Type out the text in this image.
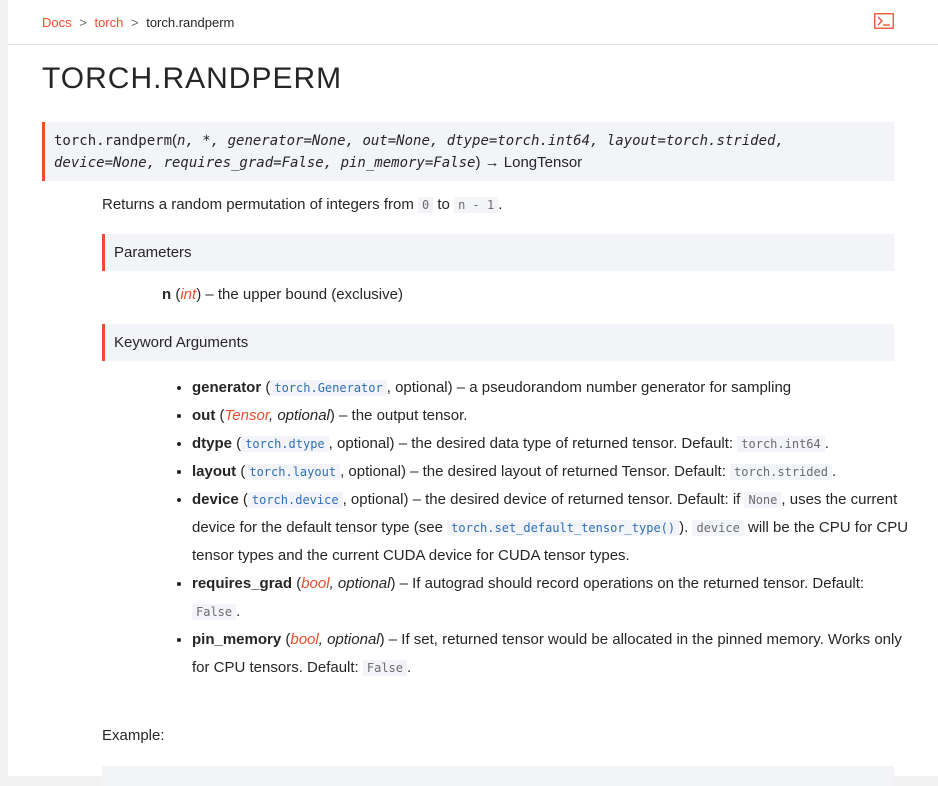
Docs > torch > torch.randperm
TORCH.RANDPERM
torch.randperm(n, *, generator=None, out=None, dtype=torch.int64, layout=torch.strided,
device=None, requires_grad=False, pin_memory=False) → LongTensor
Returns a random permutation of integers from 0 to n - 1 .
Parameters
n (int) – the upper bound (exclusive)
Keyword Arguments
• generator ( torch.Generator , optional) – a pseudorandom number generator for sampling
• out (Tensor, optional) – the output tensor.
• dtype ( torch.dtype , optional) – the desired data type of returned tensor. Default: torch.int64 .
• layout ( torch.layout , optional) – the desired layout of returned Tensor. Default: torch.strided .
• device ( torch.device , optional) – the desired device of returned tensor. Default: if None , uses the current device for the default tensor type (see torch.set_default_tensor_type() ). device will be the CPU for CPU tensor types and the current CUDA device for CUDA tensor types.
• requires_grad (bool, optional) – If autograd should record operations on the returned tensor. Default: False .
• pin_memory (bool, optional) – If set, returned tensor would be allocated in the pinned memory. Works only for CPU tensors. Default: False .
Example:
